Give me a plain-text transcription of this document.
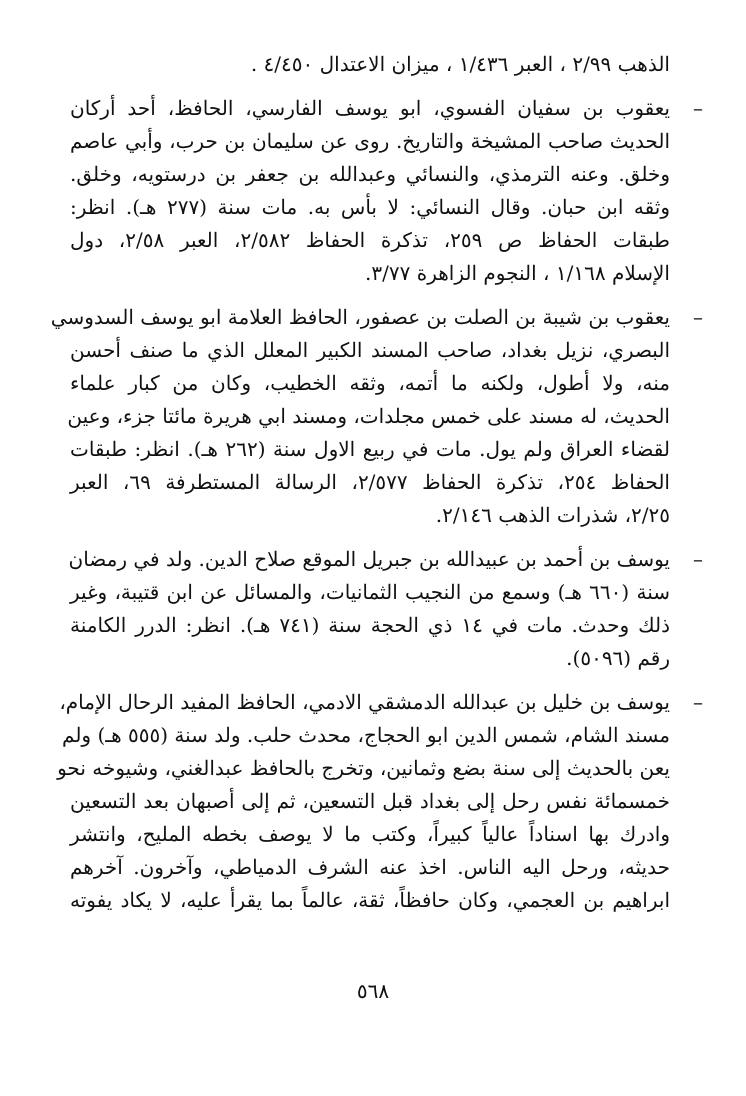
الذهب ٢/٩٩ ، العبر ١/٤٣٦ ، ميزان الاعتدال ٤/٤٥٠ .
–
يعقوب بن سفيان الفسوي، ابو يوسف الفارسي، الحافظ، أحد أركان
الحديث صاحب المشيخة والتاريخ. روى عن سليمان بن حرب، وأبي عاصم
وخلق. وعنه الترمذي، والنسائي وعبدالله بن جعفر بن درستويه، وخلق.
وثقه ابن حبان. وقال النسائي: لا بأس به. مات سنة (٢٧٧ هـ). انظر:
طبقات الحفاظ ص ٢٥٩، تذكرة الحفاظ ٢/٥٨٢، العبر ٢/٥٨، دول
الإسلام ١/١٦٨ ، النجوم الزاهرة ٣/٧٧.
–
يعقوب بن شيبة بن الصلت بن عصفور، الحافظ العلامة ابو يوسف السدوسي
البصري، نزيل بغداد، صاحب المسند الكبير المعلل الذي ما صنف أحسن
منه، ولا أطول، ولكنه ما أتمه، وثقه الخطيب، وكان من كبار علماء
الحديث، له مسند على خمس مجلدات، ومسند ابي هريرة مائتا جزء، وعين
لقضاء العراق ولم يول. مات في ربيع الاول سنة (٢٦٢ هـ). انظر: طبقات
الحفاظ ٢٥٤، تذكرة الحفاظ ٢/٥٧٧، الرسالة المستطرفة ٦٩، العبر
٢/٢٥، شذرات الذهب ٢/١٤٦.
–
يوسف بن أحمد بن عبيدالله بن جبريل الموقع صلاح الدين. ولد في رمضان
سنة (٦٦٠ هـ) وسمع من النجيب الثمانيات، والمسائل عن ابن قتيبة، وغير
ذلك وحدث. مات في ١٤ ذي الحجة سنة (٧٤١ هـ). انظر: الدرر الكامنة
رقم (٥٠٩٦).
–
يوسف بن خليل بن عبدالله الدمشقي الادمي، الحافظ المفيد الرحال الإمام،
مسند الشام، شمس الدين ابو الحجاج، محدث حلب. ولد سنة (٥٥٥ هـ) ولم
يعن بالحديث إلى سنة بضع وثمانين، وتخرج بالحافظ عبدالغني، وشيوخه نحو
خمسمائة نفس رحل إلى بغداد قبل التسعين، ثم إلى أصبهان بعد التسعين
وادرك بها اسناداً عالياً كبيراً، وكتب ما لا يوصف بخطه المليح، وانتشر
حديثه، ورحل اليه الناس. اخذ عنه الشرف الدمياطي، وآخرون. آخرهم
ابراهيم بن العجمي، وكان حافظاً، ثقة، عالماً بما يقرأ عليه، لا يكاد يفوته
٥٦٨
